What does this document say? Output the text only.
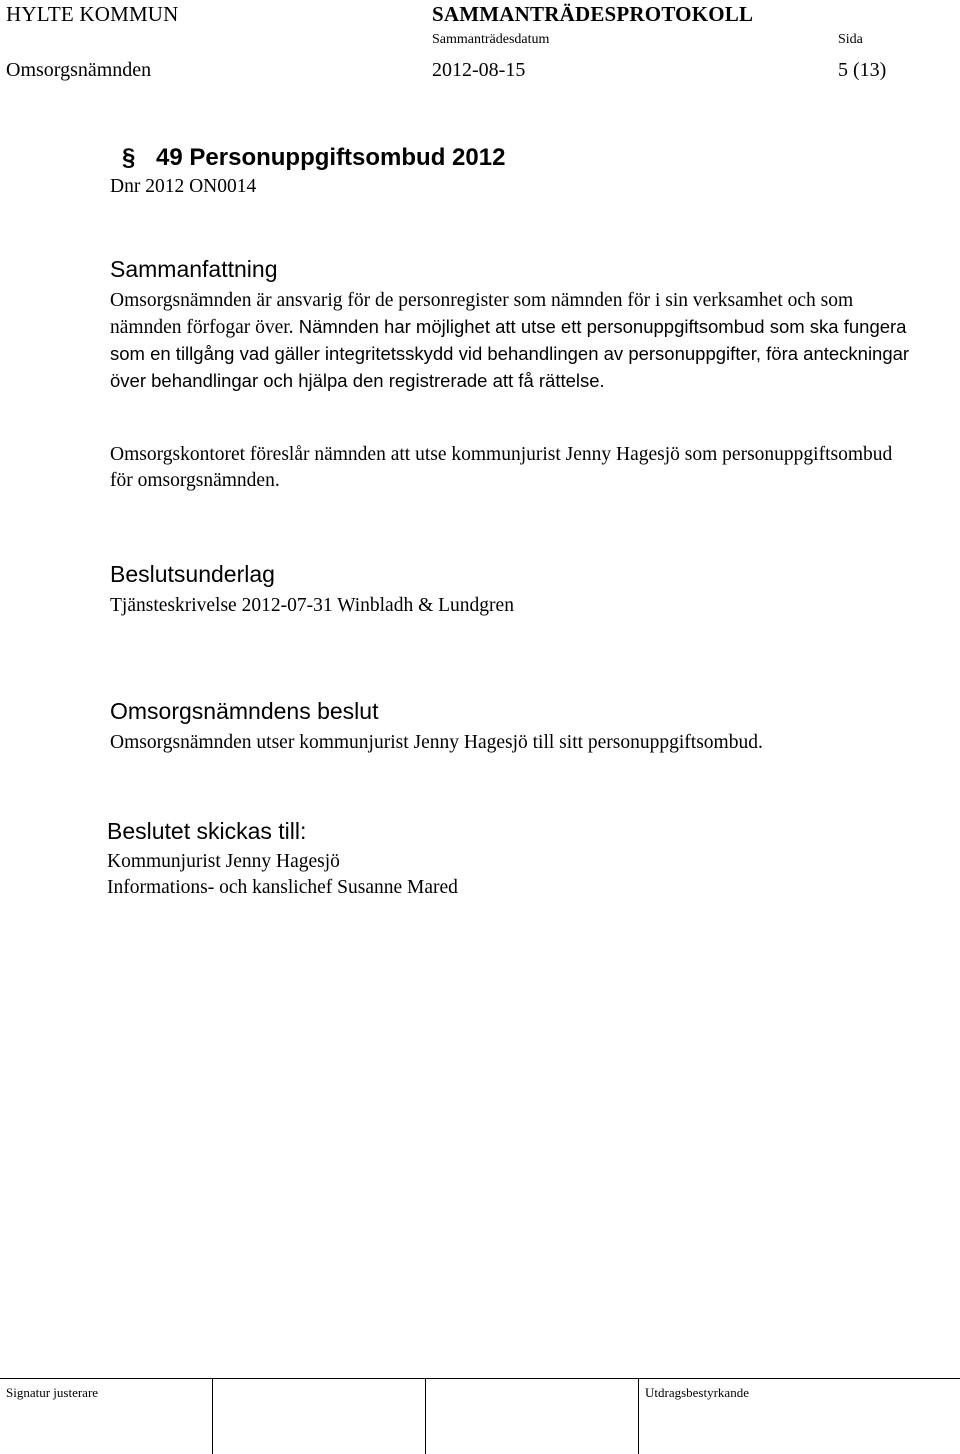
HYLTE KOMMUN	SAMMANTRÄDESPROTOKOLL
Sammanträdesdatum	Sida
Omsorgsnämnden	2012-08-15	5 (13)
§ 49 Personuppgiftsombud 2012
Dnr 2012 ON0014
Sammanfattning
Omsorgsnämnden är ansvarig för de personregister som nämnden för i sin verksamhet och som nämnden förfogar över. Nämnden har möjlighet att utse ett personuppgiftsombud som ska fungera som en tillgång vad gäller integritetsskydd vid behandlingen av personuppgifter, föra anteckningar över behandlingar och hjälpa den registrerade att få rättelse.
Omsorgskontoret föreslår nämnden att utse kommunjurist Jenny Hagesjö som personuppgiftsombud för omsorgsnämnden.
Beslutsunderlag
Tjänsteskrivelse 2012-07-31 Winbladh & Lundgren
Omsorgsnämndens beslut
Omsorgsnämnden utser kommunjurist Jenny Hagesjö till sitt personuppgiftsombud.
Beslutet skickas till:
Kommunjurist Jenny Hagesjö
Informations- och kanslichef Susanne Mared
Signatur justerare	Utdragsbestyrkande
